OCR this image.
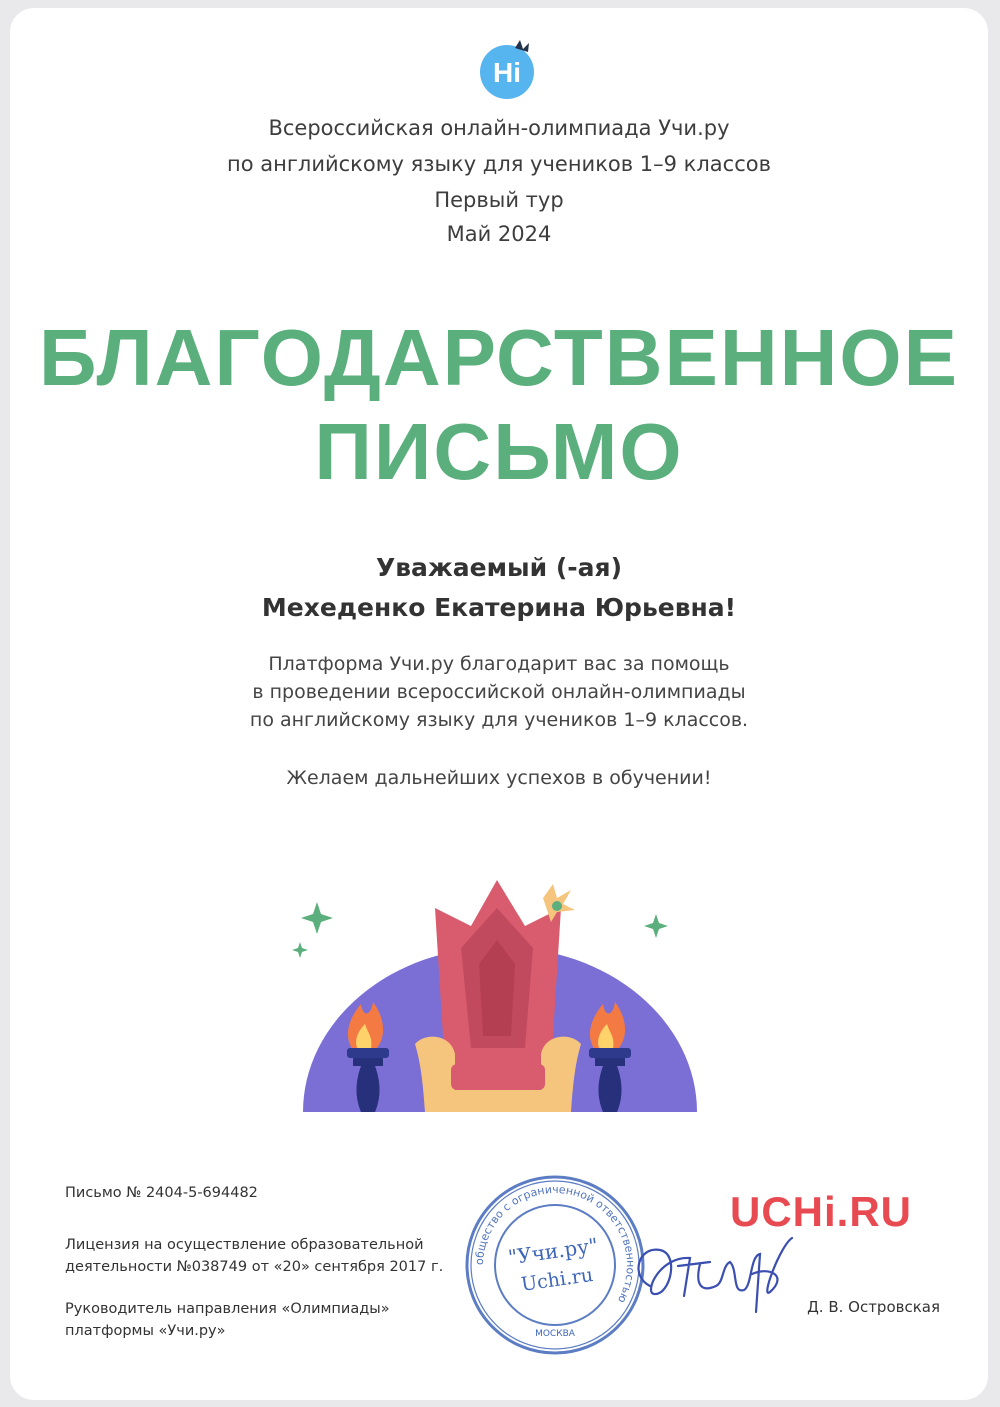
Hi
Всероссийская онлайн-олимпиада Учи.ру
по английскому языку для учеников 1–9 классов
Первый тур
Май 2024
БЛАГОДАРСТВЕННОЕ
ПИСЬМО
Уважаемый (-ая)
Мехеденко Екатерина Юрьевна!
Платформа Учи.ру благодарит вас за помощь
в проведении всероссийской онлайн-олимпиады
по английскому языку для учеников 1–9 классов.
Желаем дальнейших успехов в обучении!
Письмо № 2404-5-694482
Лицензия на осуществление образовательной
деятельности №038749 от «20» сентября 2017 г.
Руководитель направления «Олимпиады»
платформы «Учи.ру»
общество с ограниченной ответственностью
"Учи.ру"
Uchi.ru
МОСКВА
UCHi.RU
Д. В. Островская
